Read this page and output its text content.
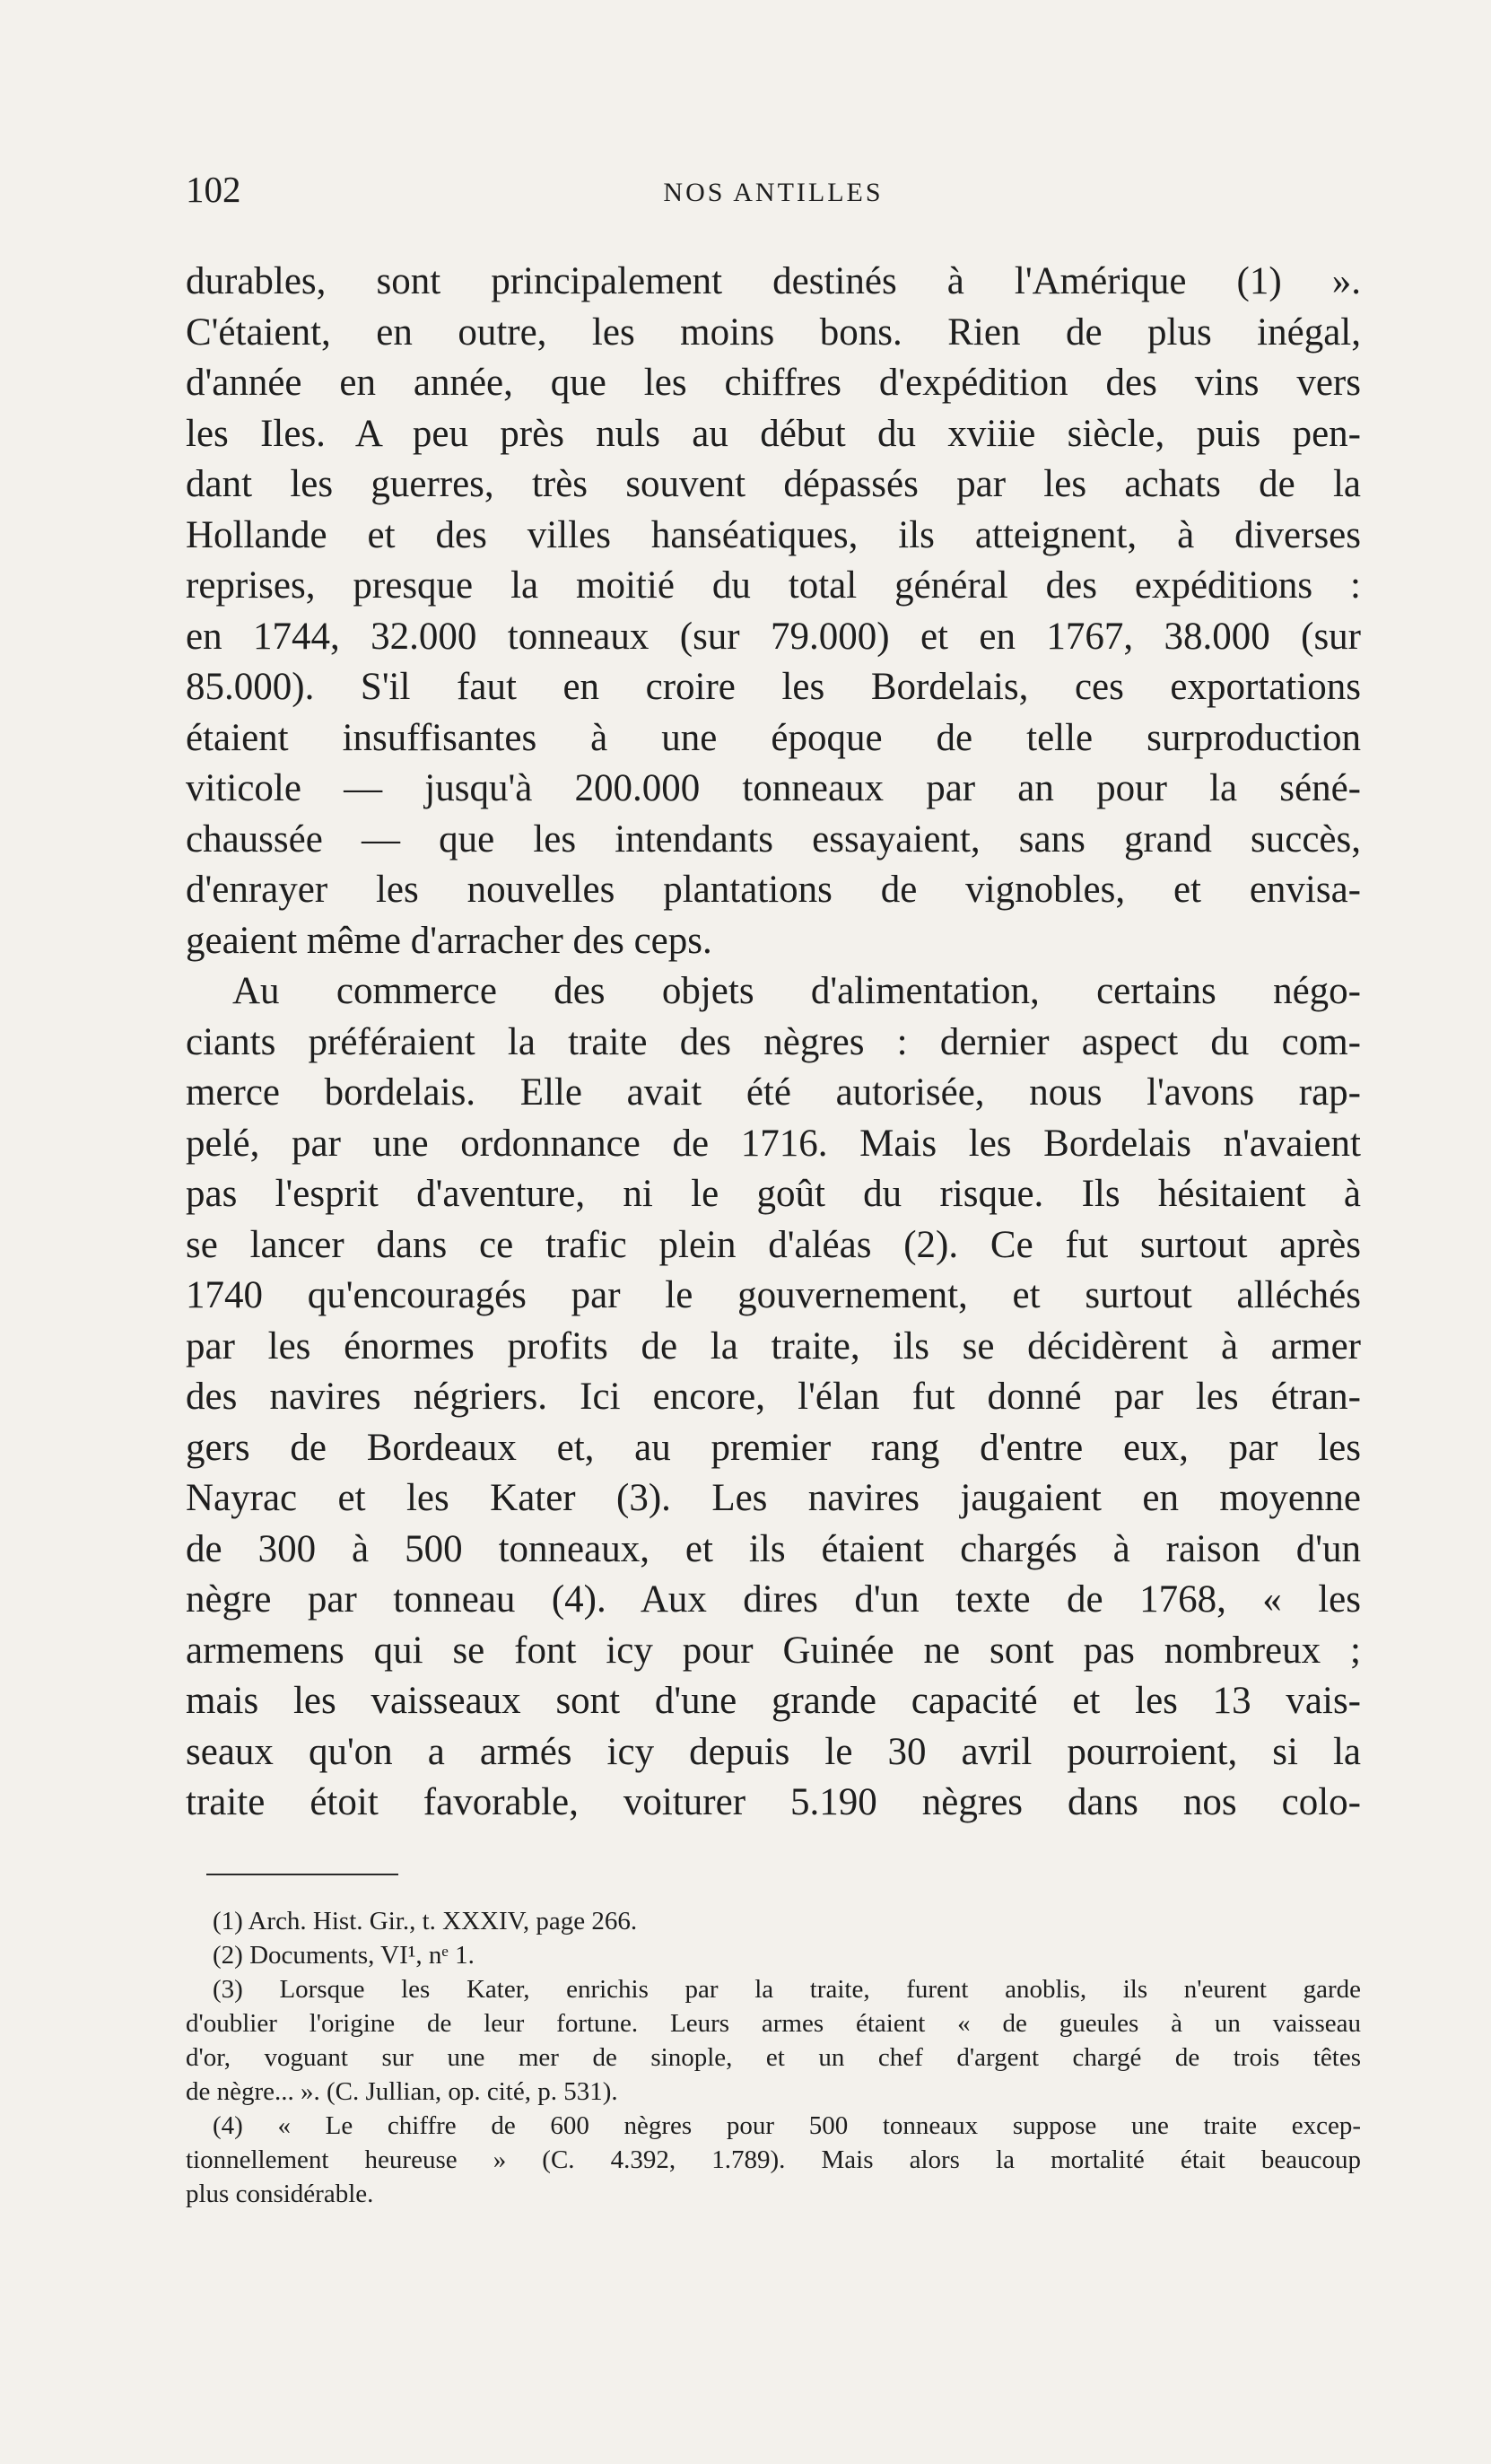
102	NOS ANTILLES
durables, sont principalement destinés à l'Amérique (1) ».
C'étaient, en outre, les moins bons. Rien de plus inégal,
d'année en année, que les chiffres d'expédition des vins vers
les Iles. A peu près nuls au début du xviiie siècle, puis pen-
dant les guerres, très souvent dépassés par les achats de la
Hollande et des villes hanséatiques, ils atteignent, à diverses
reprises, presque la moitié du total général des expéditions :
en 1744, 32.000 tonneaux (sur 79.000) et en 1767, 38.000 (sur
85.000). S'il faut en croire les Bordelais, ces exportations
étaient insuffisantes à une époque de telle surproduction
viticole — jusqu'à 200.000 tonneaux par an pour la séné-
chaussée — que les intendants essayaient, sans grand succès,
d'enrayer les nouvelles plantations de vignobles, et envisa-
geaient même d'arracher des ceps.
Au commerce des objets d'alimentation, certains négo-
ciants préféraient la traite des nègres : dernier aspect du com-
merce bordelais. Elle avait été autorisée, nous l'avons rap-
pelé, par une ordonnance de 1716. Mais les Bordelais n'avaient
pas l'esprit d'aventure, ni le goût du risque. Ils hésitaient à
se lancer dans ce trafic plein d'aléas (2). Ce fut surtout après
1740 qu'encouragés par le gouvernement, et surtout alléchés
par les énormes profits de la traite, ils se décidèrent à armer
des navires négriers. Ici encore, l'élan fut donné par les étran-
gers de Bordeaux et, au premier rang d'entre eux, par les
Nayrac et les Kater (3). Les navires jaugaient en moyenne
de 300 à 500 tonneaux, et ils étaient chargés à raison d'un
nègre par tonneau (4). Aux dires d'un texte de 1768, « les
armemens qui se font icy pour Guinée ne sont pas nombreux ;
mais les vaisseaux sont d'une grande capacité et les 13 vais-
seaux qu'on a armés icy depuis le 30 avril pourroient, si la
traite étoit favorable, voiturer 5.190 nègres dans nos colo-
(1) Arch. Hist. Gir., t. XXXIV, page 266.
(2) Documents, VI¹, nᵉ 1.
(3) Lorsque les Kater, enrichis par la traite, furent anoblis, ils n'eurent garde
d'oublier l'origine de leur fortune. Leurs armes étaient « de gueules à un vaisseau
d'or, voguant sur une mer de sinople, et un chef d'argent chargé de trois têtes
de nègre... ». (C. Jullian, op. cité, p. 531).
(4) « Le chiffre de 600 nègres pour 500 tonneaux suppose une traite excep-
tionnellement heureuse » (C. 4.392, 1.789). Mais alors la mortalité était beaucoup
plus considérable.
